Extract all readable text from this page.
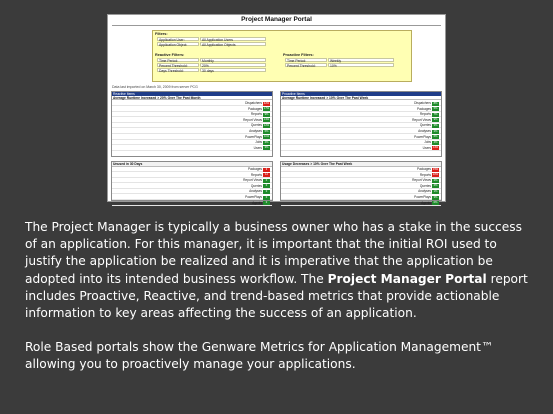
Project Manager Portal
Filters:
Application User:	All Application Users
Application Object:	All Application Objects
Reactive Filters:
Time Period:	Monthly
Percent Threshold:	20%
Days Threshold:	30 days
Proactive Filters:
Time Period:	Weekly
Percent Threshold:	10%
Data last imported on March 30, 2009 from server PCG
Reactive Items
Average Runtime Increased > 20% Over The Past Month
Dispatchers 42%
Packages 17%
Reports	9%
Report Views 13%
Queries 12%
Analyses	6%
PowerPlays 11%
Jobs	4%
Users	3%
Proactive Items
Average Runtime Increased > 10% Over The Past Week
Dispatchers	8%
Packages	5%
Reports	7%
Report Views	9%
Queries	3%
Analyses	2%
PowerPlays	6%
Jobs	4%
Users 14%
Unused in 30 Days
Packages	3
Reports	12
Report Views	0
Queries	0
Analyses	0
PowerPlays	0
Agents	0
Usage Decreases > 10% Over The Past Week
Packages 15%
Reports 22%
Report Views	2%
Queries	4%
Analyses	1%
PowerPlays	3%
Agents	0%

The Project Manager is typically a business owner who has a stake in the success of an application. For this manager, it is important that the initial ROI used to justify the application be realized and it is imperative that the application be adopted into its intended business workflow. The Project Manager Portal report includes Proactive, Reactive, and trend-based metrics that provide actionable information to key areas affecting the success of an application.

Role Based portals show the Genware Metrics for Application Management™ allowing you to proactively manage your applications.
